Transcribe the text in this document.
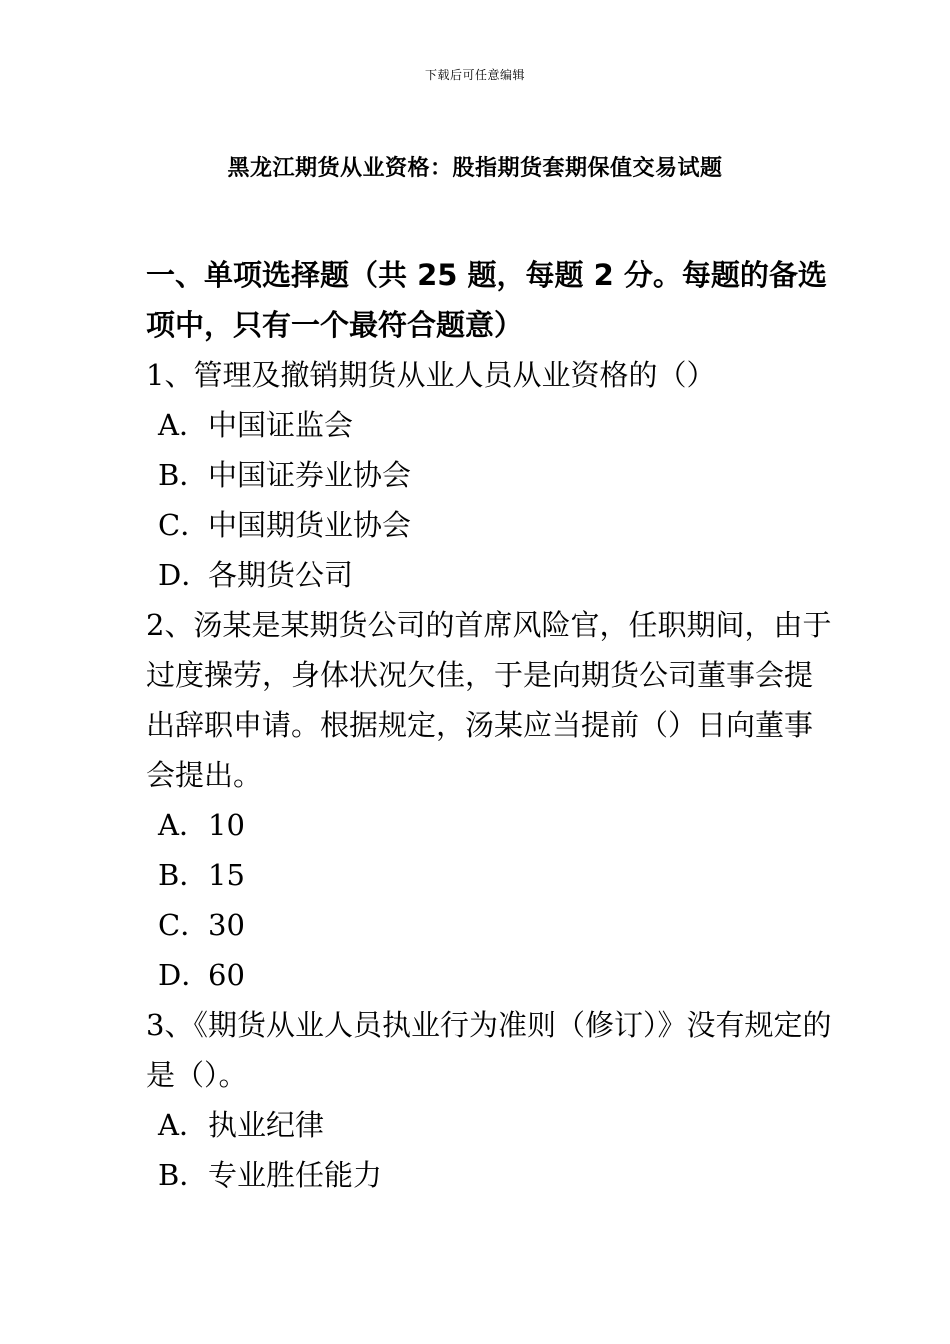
下载后可任意编辑
黑龙江期货从业资格：股指期货套期保值交易试题

一、单项选择题（共 25 题，每题 2 分。每题的备选项中，只有一个最符合题意）

1、管理及撤销期货从业人员从业资格的（）

A．中国证监会

B．中国证券业协会

C．中国期货业协会

D．各期货公司

2、汤某是某期货公司的首席风险官，任职期间，由于过度操劳，身体状况欠佳，于是向期货公司董事会提出辞职申请。根据规定，汤某应当提前（）日向董事会提出。

A．10

B．15

C．30

D．60

3、《期货从业人员执业行为准则（修订）》没有规定的是（）。

A．执业纪律

B．专业胜任能力
